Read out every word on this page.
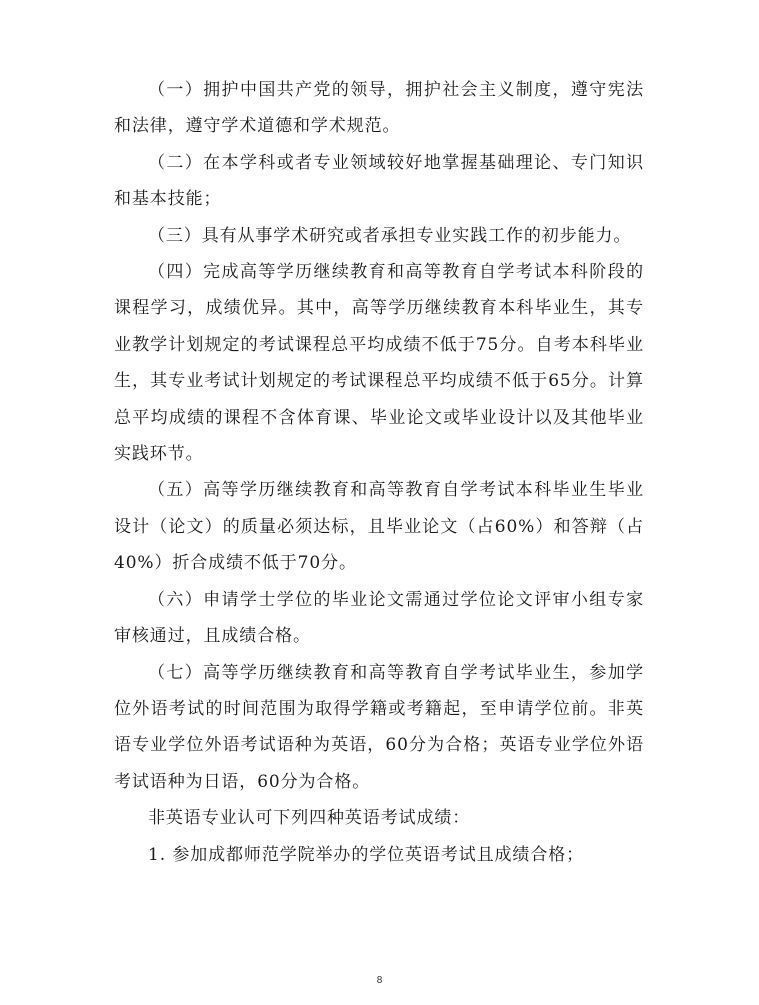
（一）拥护中国共产党的领导，拥护社会主义制度，遵守宪法和法律，遵守学术道德和学术规范。

（二）在本学科或者专业领域较好地掌握基础理论、专门知识和基本技能；

（三）具有从事学术研究或者承担专业实践工作的初步能力。

（四）完成高等学历继续教育和高等教育自学考试本科阶段的课程学习，成绩优异。其中，高等学历继续教育本科毕业生，其专业教学计划规定的考试课程总平均成绩不低于75分。自考本科毕业生，其专业考试计划规定的考试课程总平均成绩不低于65分。计算总平均成绩的课程不含体育课、毕业论文或毕业设计以及其他毕业实践环节。

（五）高等学历继续教育和高等教育自学考试本科毕业生毕业设计（论文）的质量必须达标，且毕业论文（占60%）和答辩（占40%）折合成绩不低于70分。

（六）申请学士学位的毕业论文需通过学位论文评审小组专家审核通过，且成绩合格。

（七）高等学历继续教育和高等教育自学考试毕业生，参加学位外语考试的时间范围为取得学籍或考籍起，至申请学位前。非英语专业学位外语考试语种为英语，60分为合格；英语专业学位外语考试语种为日语，60分为合格。

非英语专业认可下列四种英语考试成绩：

1. 参加成都师范学院举办的学位英语考试且成绩合格；

8
